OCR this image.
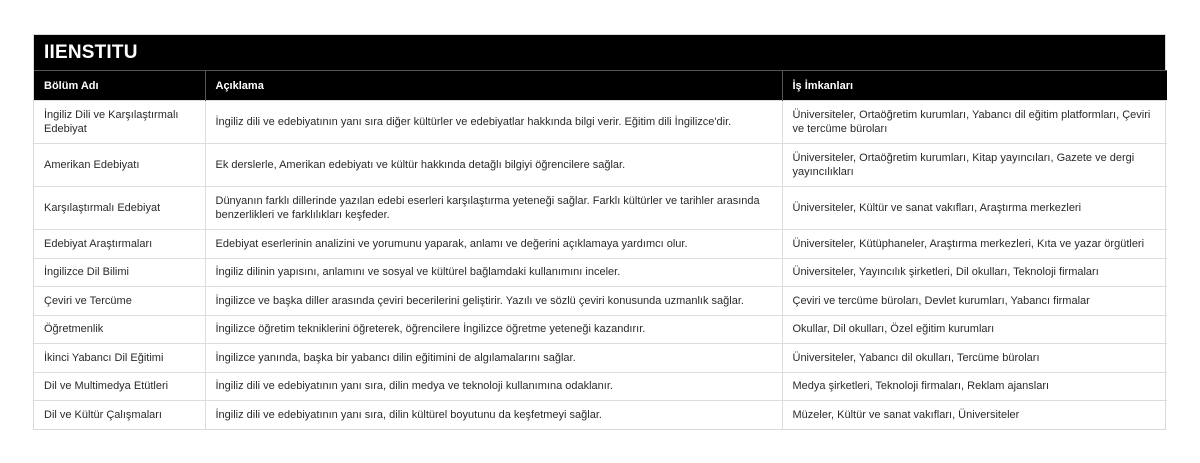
IIENSTITU
Bölüm Adı	Açıklama	İş İmkanları
İngiliz Dili ve Karşılaştırmalı Edebiyat	İngiliz dili ve edebiyatının yanı sıra diğer kültürler ve edebiyatlar hakkında bilgi verir. Eğitim dili İngilizce'dir.	Üniversiteler, Ortaöğretim kurumları, Yabancı dil eğitim platformları, Çeviri ve tercüme büroları
Amerikan Edebiyatı	Ek derslerle, Amerikan edebiyatı ve kültür hakkında detağlı bilgiyi öğrencilere sağlar.	Üniversiteler, Ortaöğretim kurumları, Kitap yayıncıları, Gazete ve dergi yayıncılıkları
Karşılaştırmalı Edebiyat	Dünyanın farklı dillerinde yazılan edebi eserleri karşılaştırma yeteneği sağlar. Farklı kültürler ve tarihler arasında benzerlikleri ve farklılıkları keşfeder.	Üniversiteler, Kültür ve sanat vakıfları, Araştırma merkezleri
Edebiyat Araştırmaları	Edebiyat eserlerinin analizini ve yorumunu yaparak, anlamı ve değerini açıklamaya yardımcı olur.	Üniversiteler, Kütüphaneler, Araştırma merkezleri, Kıta ve yazar örgütleri
İngilizce Dil Bilimi	İngiliz dilinin yapısını, anlamını ve sosyal ve kültürel bağlamdaki kullanımını inceler.	Üniversiteler, Yayıncılık şirketleri, Dil okulları, Teknoloji firmaları
Çeviri ve Tercüme	İngilizce ve başka diller arasında çeviri becerilerini geliştirir. Yazılı ve sözlü çeviri konusunda uzmanlık sağlar.	Çeviri ve tercüme büroları, Devlet kurumları, Yabancı firmalar
Öğretmenlik	İngilizce öğretim tekniklerini öğreterek, öğrencilere İngilizce öğretme yeteneği kazandırır.	Okullar, Dil okulları, Özel eğitim kurumları
İkinci Yabancı Dil Eğitimi	İngilizce yanında, başka bir yabancı dilin eğitimini de algılamalarını sağlar.	Üniversiteler, Yabancı dil okulları, Tercüme büroları
Dil ve Multimedya Etütleri	İngiliz dili ve edebiyatının yanı sıra, dilin medya ve teknoloji kullanımına odaklanır.	Medya şirketleri, Teknoloji firmaları, Reklam ajansları
Dil ve Kültür Çalışmaları	İngiliz dili ve edebiyatının yanı sıra, dilin kültürel boyutunu da keşfetmeyi sağlar.	Müzeler, Kültür ve sanat vakıfları, Üniversiteler
